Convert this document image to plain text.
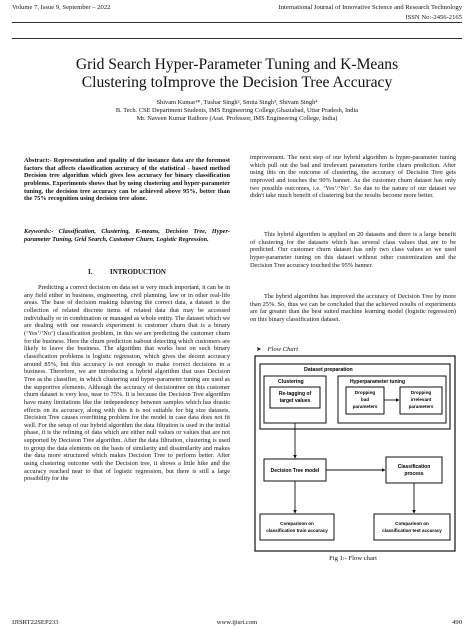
Volume 7, Issue 9, September – 2022	International Journal of Innovative Science and Research Technology
ISSN No:-2456-2165
Grid Search Hyper-Parameter Tuning and K-Means
Clustering toImprove the Decision Tree Accuracy
Shivam Kumar¹*, Tushar Singh², Smita Singh³, Shivam Singh⁴
B. Tech. CSE Department Students, IMS Engineering College,Ghaziabad, Uttar Pradesh, India
Mr. Naveen Kumar Rathore (Asst. Professor, IMS Engineering College, India)

Abstract:- Representation and quality of the instance data are the foremost factors that affects classification accuracy of the statistical - based method Decision tree algorithm which gives less accuracy for binary classification problems. Experiments shows that by using clustering and hyper-parameter tuning, the decision tree accuracy can be achieved above 95%, better than the 75% recognition using decision tree alone.

Keywords:- Classification, Clustering, K-means, Decision Tree, Hyper-parameter Tuning, Grid Search, Customer Churn, Logistic Regression.

I.          INTRODUCTION

Predicting a correct decision on data set is very much important, it can be in any field either in business, engineering, civil planning, law or in other real-life areas. The base of decision making ishaving the correct data, a dataset is the collection of related discrete items of related data that may be accessed individually or in combination or managed as whole entity. The dataset which we are dealing with our research experiment is customer churn that is a binary (‘Yes’/‘No’) classification problem, in this we are predicting the customer churn for the business. Here the churn prediction isabout detecting which customers are likely to leave the business. The algorithm that works best on such binary classification problems is logistic regression, which gives the decent accuracy around 85%, but this accuracy is not enough to make correct decisions in a business. Therefore, we are introducing a hybrid algorithm that uses Decision Tree as the classifier, in which clustering and hyper-parameter tuning are used as the supportive elements. Although the accuracy of decisiontree on this customer churn dataset is very less, near to 75%. It is because the Decision Tree algorithm have many limitations like the independency between samples which has drastic effects on its accuracy, along with this it is not suitable for big size datasets. Decision Tree causes overfitting problem for the model in case data does not fit well. For the setup of our hybrid algorithm the data filtration is used in the initial phase, it is the refining of data which are either null values or values that are not supported by Decision Tree algorithm. After the data filtration, clustering is used to group the data elements on the basis of similarity and dissimilarity and makes the data more structured which makes Decision Tree to perform better. After using clustering outcome with the Decision tree, it shows a little hike and the accuracy reached near to that of logistic regression, but there is still a large possibility for the

improvement. The next step of our hybrid algorithm is hyper-parameter tuning which pull out the bad and irrelevant parameters forthe churn prediction. After using this on the outcome of clustering, the accuracy of Decision Tree gets improved and touches the 90% banner. As the customer churn dataset has only two possible outcomes, i.e. ‘Yes’/‘No’. So due to the nature of our dataset we didn't take much benefit of clustering but the results become more better.

This hybrid algorithm is applied on 20 datasets and there is a large benefit of clustering for the datasets which has several class values that are to be predicted. Our customer churn dataset has only two class values so we used hyper-parameter tuning on this dataset without other customization and the Decision Tree accuracy touched the 95% banner.

The hybrid algorithm has improved the accuracy of Decision Tree by more than 25%. So, thus we can be concluded that the achieved results of experiments are far greater than the best suited machine learning model (logistic regression) on this binary classification dataset.

➤ Flow Chart
Dataset preparation
Clustering
Re-tagging of
target values
Hyperparameter tuning
Dropping
bad
parameters
Dropping
irrelevant
parameters
Decision Tree model
Classification
process
Comparison on
classification train accuracy
Comparison on
classification test accuracy
Fig 1:- Flow chart
IJISRT22SEP233	www.ijisrt.com	490
